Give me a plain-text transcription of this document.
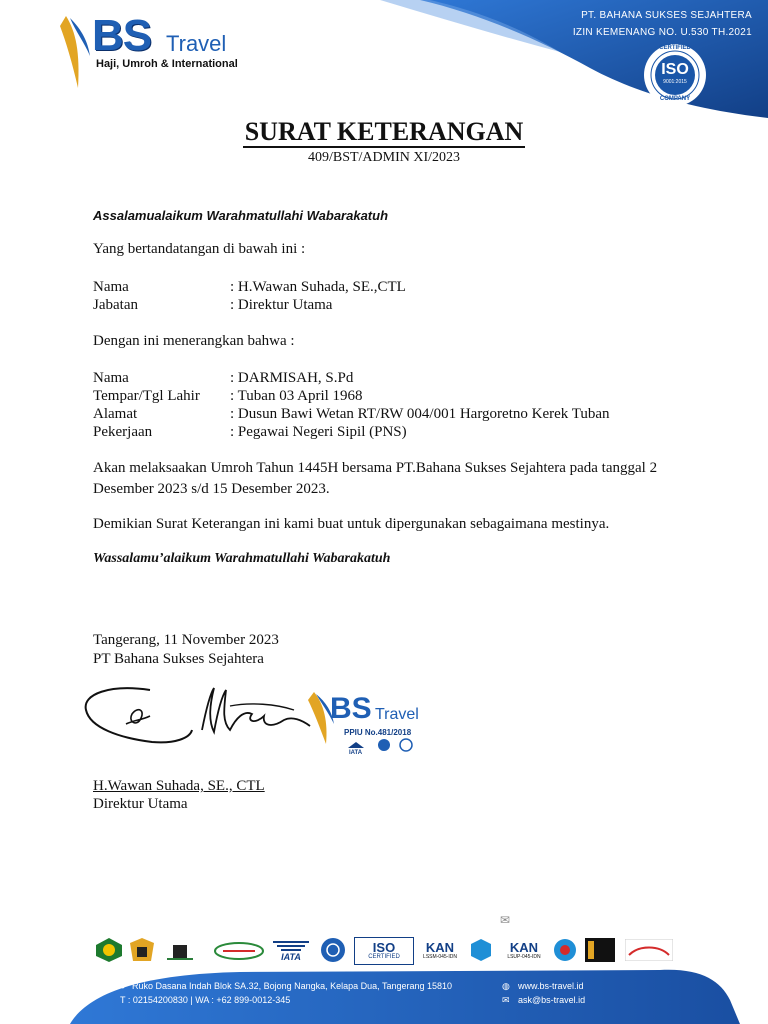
PT. BAHANA SUKSES SEJAHTERA
IZIN KEMENANG NO. U.530 TH.2021
CERTIFIED
ISO
9001:2015
COMPANY
BS Travel
Haji, Umroh & International
SURAT KETERANGAN
409/BST/ADMIN XI/2023
Assalamualaikum Warahmatullahi Wabarakatuh
Yang bertandatangan di bawah ini :
Nama	: H.Wawan Suhada, SE.,CTL
Jabatan	: Direktur Utama
Dengan ini menerangkan bahwa :
Nama	: DARMISAH, S.Pd
Tempar/Tgl Lahir : Tuban 03 April 1968
Alamat	: Dusun Bawi Wetan RT/RW 004/001 Hargoretno Kerek Tuban
Pekerjaan	: Pegawai Negeri Sipil (PNS)
Akan melaksaakan Umroh Tahun 1445H bersama PT.Bahana Sukses Sejahtera pada tanggal 2 Desember 2023 s/d 15 Desember 2023.
Demikian Surat Keterangan ini kami buat untuk dipergunakan sebagaimana mestinya.
Wassalamu’alaikum Warahmatullahi Wabarakatuh
Tangerang, 11 November 2023
PT Bahana Sukses Sejahtera
BS Travel
PPIU No.481/2018
IATA
H.Wawan Suhada, SE., CTL
Direktur Utama
✉
IATA
ISO
CERTIFIED
KAN
LSSM-045-IDN
KAN
LSUP-045-IDN
● Ruko Dasana Indah Blok SA.32, Bojong Nangka, Kelapa Dua, Tangerang 15810
T : 02154200830 | WA : +62 899-0012-345
◍ www.bs-travel.id
✉ ask@bs-travel.id
